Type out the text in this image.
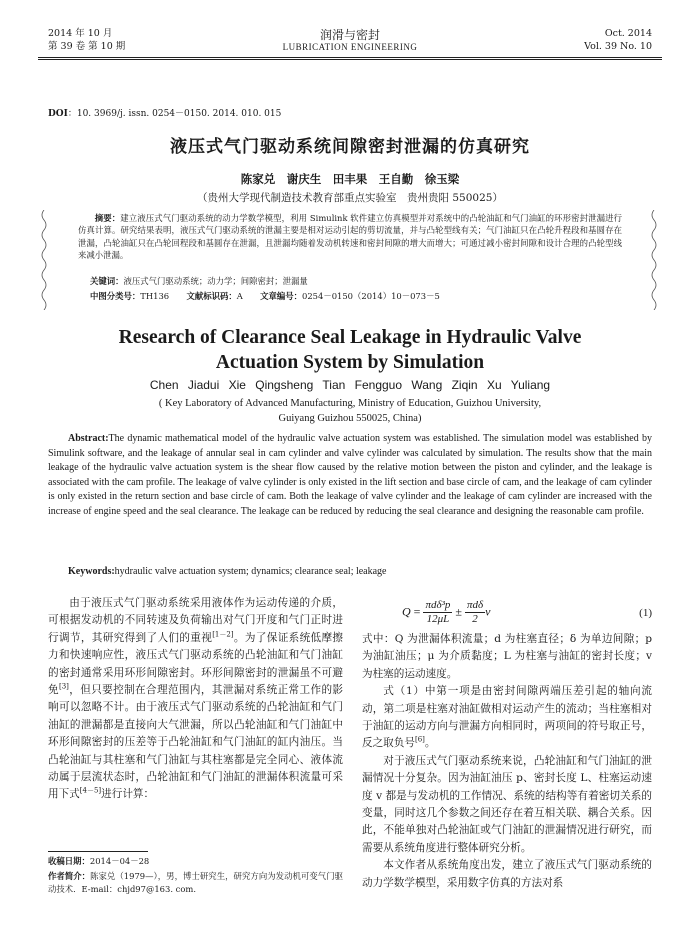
2014 年 10 月
第 39 卷 第 10 期
润滑与密封
LUBRICATION ENGINEERING
Oct. 2014
Vol. 39 No. 10
DOI：10. 3969/j. issn. 0254－0150. 2014. 010. 015
液压式气门驱动系统间隙密封泄漏的仿真研究
陈家兑　谢庆生　田丰果　王自勤　徐玉梁
（贵州大学现代制造技术教育部重点实验室　贵州贵阳 550025）
摘要：建立液压式气门驱动系统的动力学数学模型，利用 Simulink 软件建立仿真模型并对系统中的凸轮油缸和气门油缸的环形密封泄漏进行仿真计算。研究结果表明，液压式气门驱动系统的泄漏主要是相对运动引起的剪切流量，并与凸轮型线有关；气门油缸只在凸轮升程段和基圆存在泄漏，凸轮油缸只在凸轮回程段和基圆存在泄漏，且泄漏均随着发动机转速和密封间隙的增大而增大；可通过减小密封间隙和设计合理的凸轮型线来减小泄漏。
关键词：液压式气门驱动系统；动力学；间隙密封；泄漏量
中图分类号：TH136 文献标识码：A 文章编号：0254－0150（2014）10－073－5
Research of Clearance Seal Leakage in Hydraulic Valve
Actuation System by Simulation
Chen Jiadui Xie Qingsheng Tian Fengguo Wang Ziqin Xu Yuliang
( Key Laboratory of Advanced Manufacturing, Ministry of Education, Guizhou University,
Guiyang Guizhou 550025, China)
Abstract:The dynamic mathematical model of the hydraulic valve actuation system was established. The simulation model was established by Simulink software, and the leakage of annular seal in cam cylinder and valve cylinder was calculated by simulation. The results show that the main leakage of the hydraulic valve actuation system is the shear flow caused by the relative motion between the piston and cylinder, and the leakage is associated with the cam profile. The leakage of valve cylinder is only existed in the lift section and base circle of cam, and the leakage of cam cylinder is only existed in the return section and base circle of cam. Both the leakage of valve cylinder and the leakage of cam cylinder are increased with the increase of engine speed and the seal clearance. The leakage can be reduced by reducing the seal clearance and designing the reasonable cam profile.
Keywords:hydraulic valve actuation system; dynamics; clearance seal; leakage

由于液压式气门驱动系统采用液体作为运动传递的介质，可根据发动机的不同转速及负荷输出对气门开度和气门正时进行调节，其研究得到了人们的重视[1－2]。为了保证系统低摩擦力和快速响应性，液压式气门驱动系统的凸轮油缸和气门油缸的密封通常采用环形间隙密封。环形间隙密封的泄漏虽不可避免[3]，但只要控制在合理范围内，其泄漏对系统正常工作的影响可以忽略不计。由于液压式气门驱动系统的凸轮油缸和气门油缸的泄漏都是直接向大气泄漏，所以凸轮油缸和气门油缸中环形间隙密封的压差等于凸轮油缸和气门油缸的缸内油压。当凸轮油缸与其柱塞和气门油缸与其柱塞都是完全同心、液体流动属于层流状态时，凸轮油缸和气门油缸的泄漏体积流量可采用下式[4－5]进行计算：

收稿日期：2014－04－28
作者简介：陈家兑（1979—），男，博士研究生，研究方向为发动机可变气门驱动技术．E-mail：chjd97@163. com.
$Q = \frac{\text{πdδ³p}}{12\mu L} \pm \frac{\text{πdδ}}{2}$ v	(1)

式中：Q 为泄漏体积流量；d 为柱塞直径；δ 为单边间隙；p 为油缸油压；μ 为介质黏度；L 为柱塞与油缸的密封长度；v 为柱塞的运动速度。

式（1）中第一项是由密封间隙两端压差引起的轴向流动，第二项是柱塞对油缸做相对运动产生的流动；当柱塞相对于油缸的运动方向与泄漏方向相同时，两项间的符号取正号，反之取负号[6]。

对于液压式气门驱动系统来说，凸轮油缸和气门油缸的泄漏情况十分复杂。因为油缸油压 p、密封长度 L、柱塞运动速度 v 都是与发动机的工作情况、系统的结构等有着密切关系的变量，同时这几个参数之间还存在着互相关联、耦合关系。因此，不能单独对凸轮油缸或气门油缸的泄漏情况进行研究，而需要从系统角度进行整体研究分析。

本文作者从系统角度出发，建立了液压式气门驱动系统的动力学数学模型，采用数字仿真的方法对系
